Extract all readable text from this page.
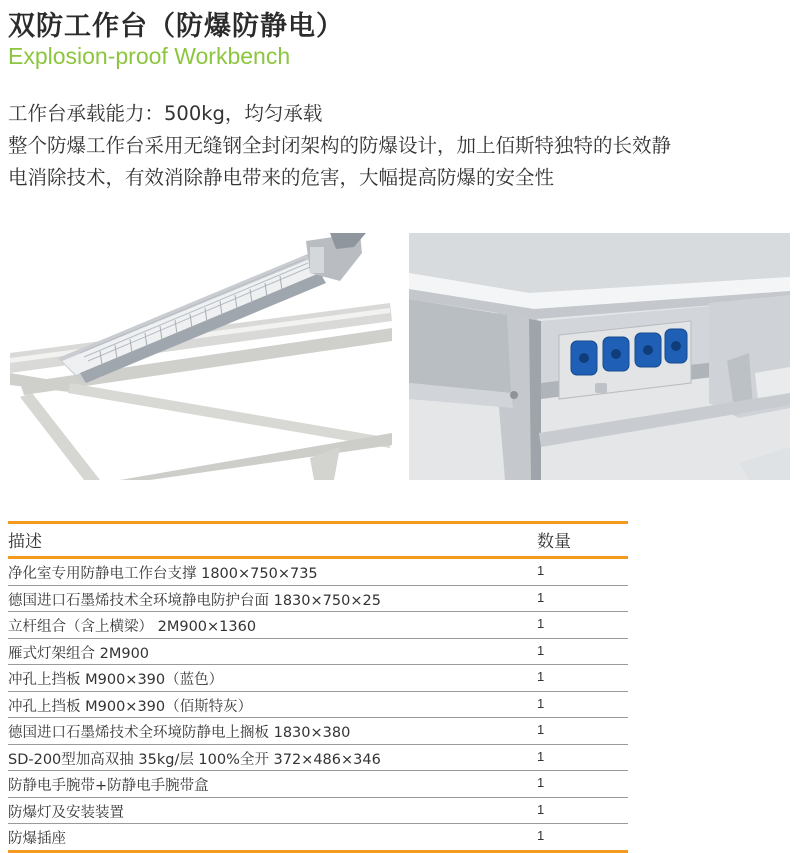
双防工作台（防爆防静电）
Explosion-proof Workbench
工作台承载能力：500kg，均匀承载
整个防爆工作台采用无缝钢全封闭架构的防爆设计，加上佰斯特独特的长效静
电消除技术，有效消除静电带来的危害，大幅提高防爆的安全性
描述	数量
净化室专用防静电工作台支撑 1800×750×735	1
德国进口石墨烯技术全环境静电防护台面 1830×750×25	1
立杆组合（含上横梁） 2M900×1360	1
雁式灯架组合 2M900	1
冲孔上挡板 M900×390（蓝色）	1
冲孔上挡板 M900×390（佰斯特灰）	1
德国进口石墨烯技术全环境防静电上搁板 1830×380	1
SD-200型加高双抽 35kg/层 100%全开 372×486×346	1
防静电手腕带+防静电手腕带盒	1
防爆灯及安装装置	1
防爆插座	1
